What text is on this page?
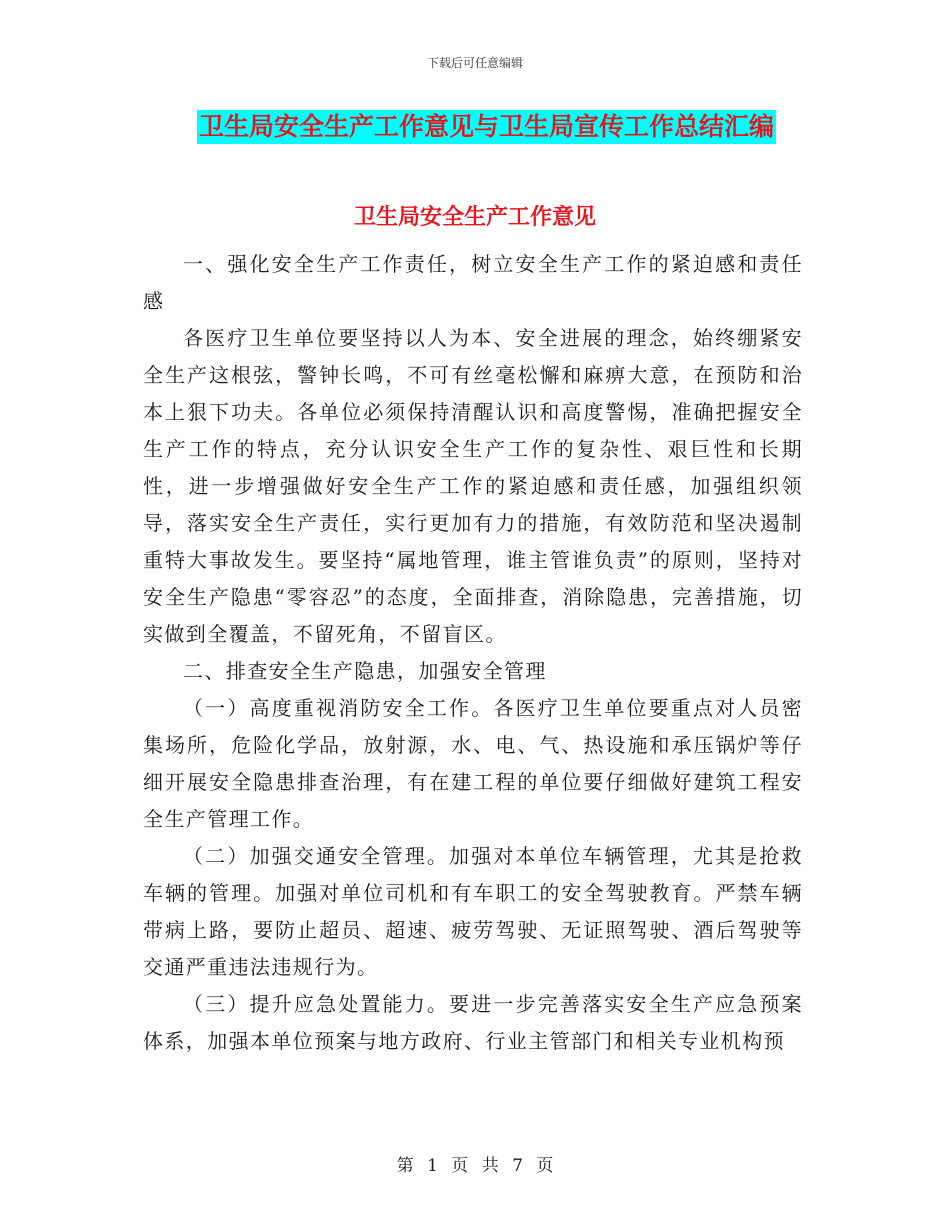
下载后可任意编辑
卫生局安全生产工作意见与卫生局宣传工作总结汇编
卫生局安全生产工作意见

一、强化安全生产工作责任，树立安全生产工作的紧迫感和责任感

各医疗卫生单位要坚持以人为本、安全进展的理念，始终绷紧安全生产这根弦，警钟长鸣，不可有丝毫松懈和麻痹大意，在预防和治本上狠下功夫。各单位必须保持清醒认识和高度警惕，准确把握安全生产工作的特点，充分认识安全生产工作的复杂性、艰巨性和长期性，进一步增强做好安全生产工作的紧迫感和责任感，加强组织领导，落实安全生产责任，实行更加有力的措施，有效防范和坚决遏制重特大事故发生。要坚持“属地管理，谁主管谁负责”的原则，坚持对安全生产隐患“零容忍”的态度，全面排查，消除隐患，完善措施，切实做到全覆盖，不留死角，不留盲区。

二、排查安全生产隐患，加强安全管理

（一）高度重视消防安全工作。各医疗卫生单位要重点对人员密集场所，危险化学品，放射源，水、电、气、热设施和承压锅炉等仔细开展安全隐患排查治理，有在建工程的单位要仔细做好建筑工程安全生产管理工作。

（二）加强交通安全管理。加强对本单位车辆管理，尤其是抢救车辆的管理。加强对单位司机和有车职工的安全驾驶教育。严禁车辆带病上路，要防止超员、超速、疲劳驾驶、无证照驾驶、酒后驾驶等交通严重违法违规行为。

（三）提升应急处置能力。要进一步完善落实安全生产应急预案体系，加强本单位预案与地方政府、行业主管部门和相关专业机构预

第 1 页 共 7 页
